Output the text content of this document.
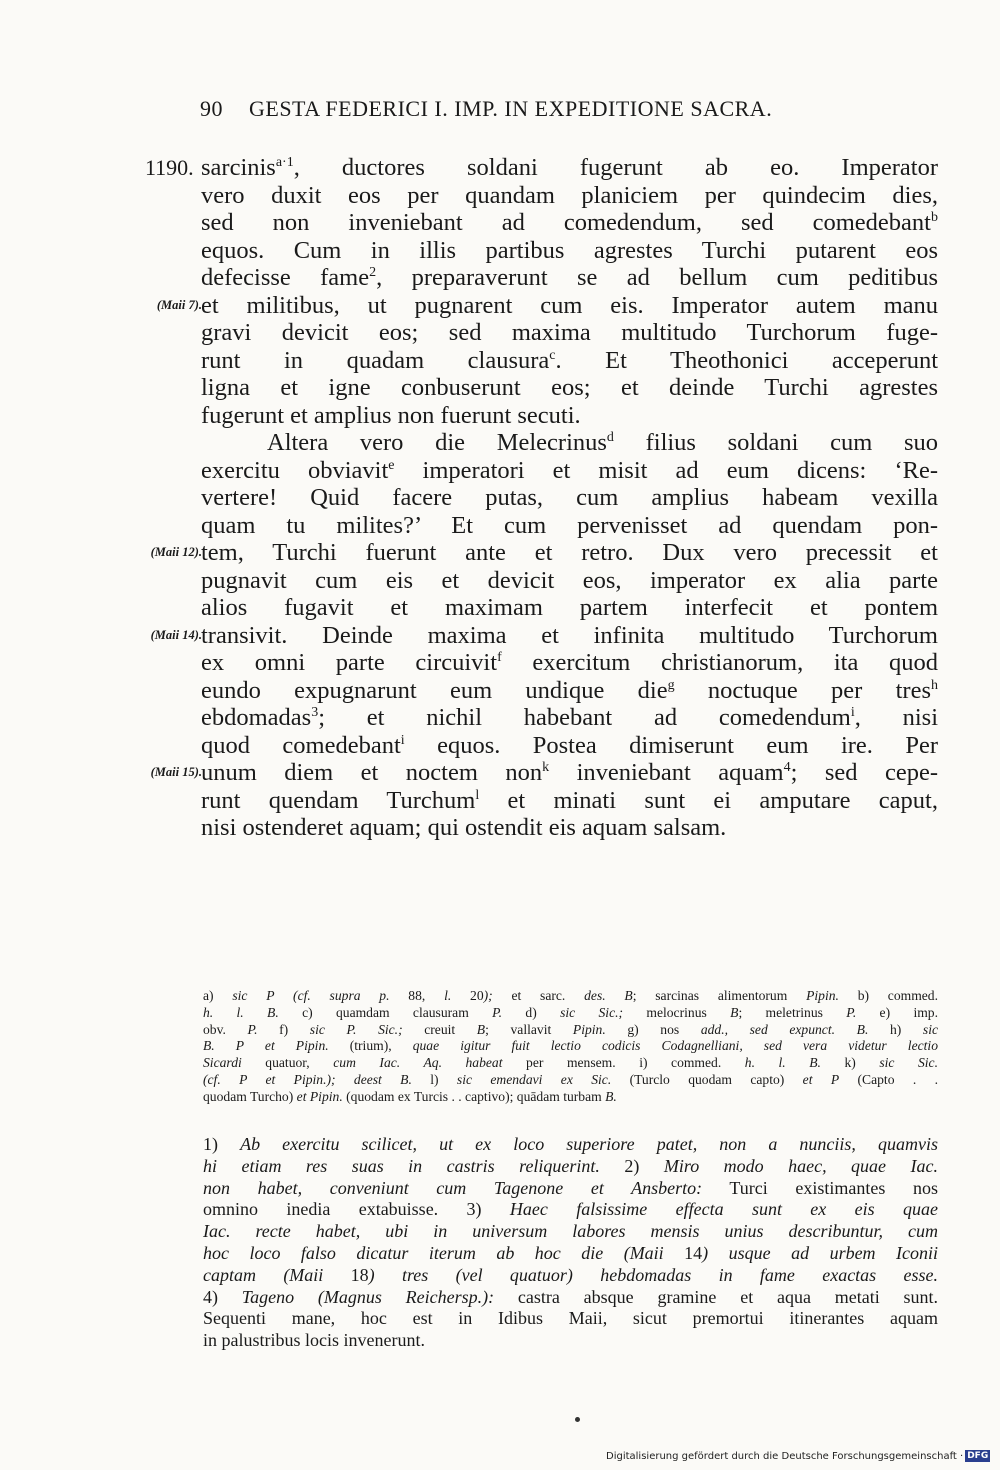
90 GESTA FEDERICI I. IMP. IN EXPEDITIONE SACRA.
1190. sarcinis$^{a\cdot 1}$, ductores soldani fugerunt ab eo. Imperator
vero duxit eos per quandam planiciem per quindecim dies,
sed non inveniebant ad comedendum, sed comedebant$^b$
equos. Cum in illis partibus agrestes Turchi putarent eos
defecisse fame$^2$, preparaverunt se ad bellum cum peditibus
(Maii 7). et militibus, ut pugnarent cum eis. Imperator autem manu
gravi devicit eos; sed maxima multitudo Turchorum fuge-
runt in quadam clausura$^c$. Et Theothonici acceperunt
ligna et igne conbuserunt eos; et deinde Turchi agrestes
fugerunt et amplius non fuerunt secuti.
Altera vero die Melecrinus$^d$ filius soldani cum suo
exercitu obviavit$^e$ imperatori et misit ad eum dicens: ‘Re-
vertere! Quid facere putas, cum amplius habeam vexilla
quam tu milites?’ Et cum pervenisset ad quendam pon-
(Maii 12). tem, Turchi fuerunt ante et retro. Dux vero precessit et
pugnavit cum eis et devicit eos, imperator ex alia parte
alios fugavit et maximam partem interfecit et pontem
(Maii 14). transivit. Deinde maxima et infinita multitudo Turchorum
ex omni parte circuivit$^f$ exercitum christianorum, ita quod
eundo expugnarunt eum undique die$^g$ noctuque per tres$^h$
ebdomadas$^3$; et nichil habebant ad comedendum$^i$, nisi
quod comedebant$^i$ equos. Postea dimiserunt eum ire. Per
(Maii 15). unum diem et noctem non$^k$ inveniebant aquam$^4$; sed cepe-
runt quendam Turchum$^l$ et minati sunt ei amputare caput,
nisi ostenderet aquam; qui ostendit eis aquam salsam.
a) sic P (cf. supra p. 88, l. 20); et sarc. des. B; sarcinas alimentorum Pipin. b) commed.
h. l. B. c) quamdam clausuram P. d) sic Sic.; melocrinus B; meletrinus P. e) imp.
obv. P. f) sic P. Sic.; creuit B; vallavit Pipin. g) nos add., sed expunct. B. h) sic
B. P et Pipin. (trium), quae igitur fuit lectio codicis Codagnelliani, sed vera videtur lectio
Sicardi quatuor, cum Iac. Aq. habeat per mensem. i) commed. h. l. B. k) sic Sic.
(cf. P et Pipin.); deest B. l) sic emendavi ex Sic. (Turclo quodam capto) et P (Capto . .
quodam Turcho) et Pipin. (quodam ex Turcis . . captivo); quādam turbam B.
1) Ab exercitu scilicet, ut ex loco superiore patet, non a nunciis, quamvis
hi etiam res suas in castris reliquerint. 2) Miro modo haec, quae Iac.
non habet, conveniunt cum Tagenone et Ansberto: Turci existimantes nos
omnino inedia extabuisse. 3) Haec falsissime effecta sunt ex eis quae
Iac. recte habet, ubi in universum labores mensis unius describuntur, cum
hoc loco falso dicatur iterum ab hoc die (Maii 14) usque ad urbem Iconii
captam (Maii 18) tres (vel quatuor) hebdomadas in fame exactas esse.
4) Tageno (Magnus Reichersp.): castra absque gramine et aqua metati sunt.
Sequenti mane, hoc est in Idibus Maii, sicut premortui itinerantes aquam
in palustribus locis invenerunt.
Digitalisierung gefördert durch die Deutsche Forschungsgemeinschaft · DFG
